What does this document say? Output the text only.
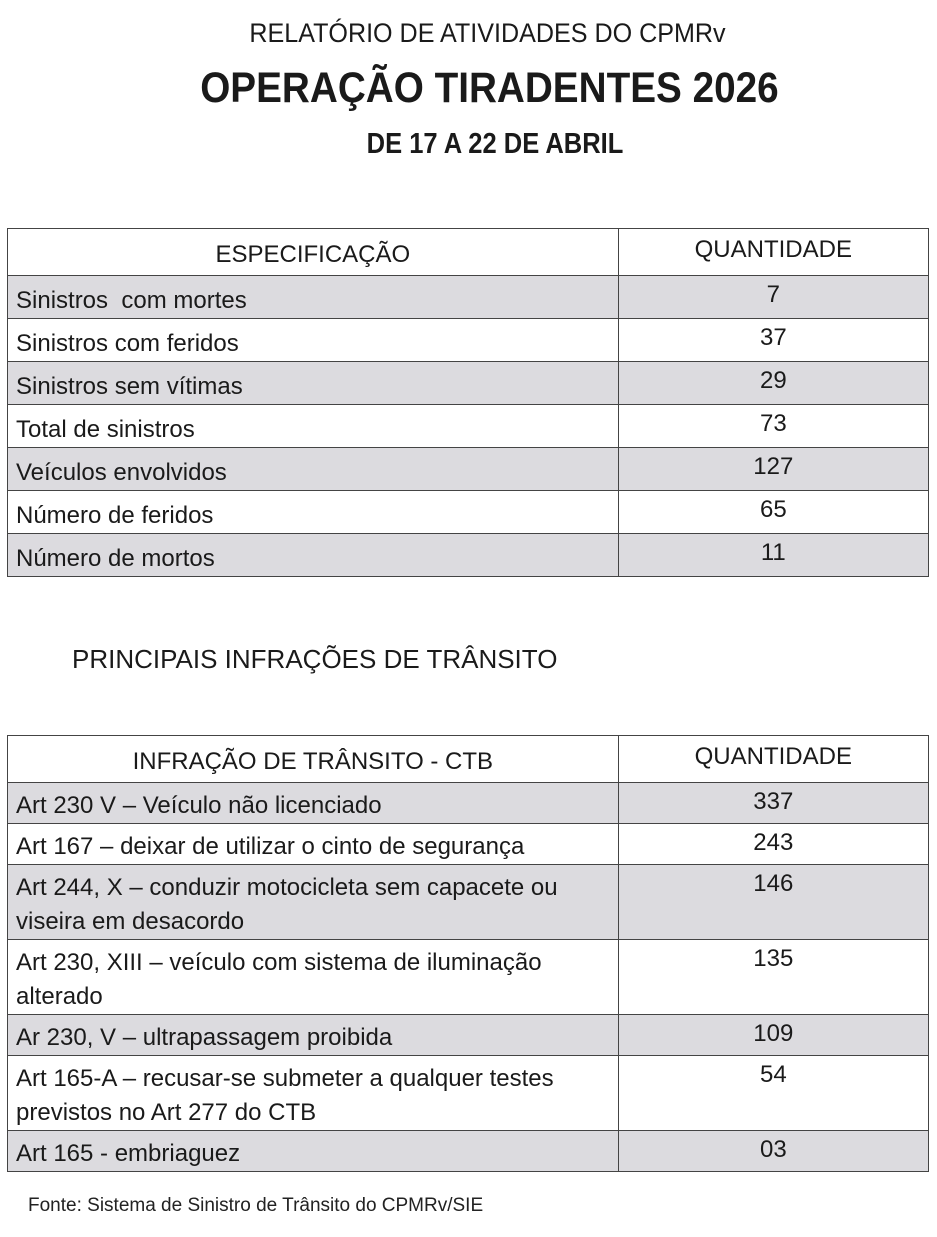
RELATÓRIO DE ATIVIDADES DO CPMRv
OPERAÇÃO TIRADENTES 2026
DE 17 A 22 DE ABRIL
ESPECIFICAÇÃO	QUANTIDADE
Sinistros  com mortes	7
Sinistros com feridos	37
Sinistros sem vítimas	29
Total de sinistros	73
Veículos envolvidos	127
Número de feridos	65
Número de mortos	11
PRINCIPAIS INFRAÇÕES DE TRÂNSITO
INFRAÇÃO DE TRÂNSITO - CTB	QUANTIDADE
Art 230 V – Veículo não licenciado	337
Art 167 – deixar de utilizar o cinto de segurança	243
Art 244, X – conduzir motocicleta sem capacete ou viseira em desacordo	146
Art 230, XIII – veículo com sistema de iluminação alterado	135
Ar 230, V – ultrapassagem proibida	109
Art 165-A – recusar-se submeter a qualquer testes previstos no Art 277 do CTB	54
Art 165 - embriaguez	03
Fonte: Sistema de Sinistro de Trânsito do CPMRv/SIE
